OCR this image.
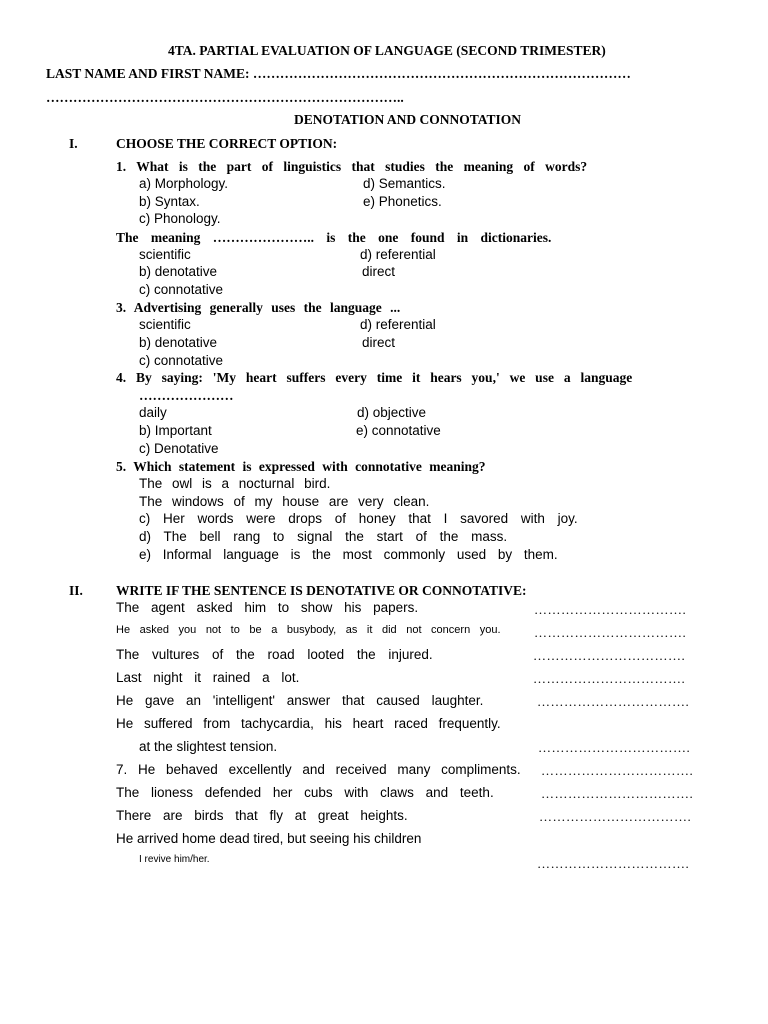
4TA. PARTIAL EVALUATION OF LANGUAGE (SECOND TRIMESTER)
LAST NAME AND FIRST NAME: …………………………………………………………………………
……………………………………………………………………..
DENOTATION AND CONNOTATION
I.	CHOOSE THE CORRECT OPTION:
1. What is the part of linguistics that studies the meaning of words?
a) Morphology.	d) Semantics.
b) Syntax.	e) Phonetics.
c) Phonology.
The meaning ………………….. is the one found in dictionaries.
scientific	d) referential
b) denotative	direct
c) connotative
3. Advertising generally uses the language ...
scientific	d) referential
b) denotative	direct
c) connotative
4. By saying: 'My heart suffers every time it hears you,' we use a language
…………………
daily	d) objective
b) Important	e) connotative
c) Denotative
5. Which statement is expressed with connotative meaning?
The owl is a nocturnal bird.
The windows of my house are very clean.
c) Her words were drops of honey that I savored with joy.
d) The bell rang to signal the start of the mass.
e) Informal language is the most commonly used by them.
II. WRITE IF THE SENTENCE IS DENOTATIVE OR CONNOTATIVE:
The agent asked him to show his papers.	…………………………….
He asked you not to be a busybody, as it did not concern you.	…………………………….
The vultures of the road looted the injured.	…………………………….
Last night it rained a lot.	…………………………….
He gave an 'intelligent' answer that caused laughter.	…………………………….
He suffered from tachycardia, his heart raced frequently.
at the slightest tension.	…………………………….
7. He behaved excellently and received many compliments. …………………………….
The lioness defended her cubs with claws and teeth.	…………………………….
There are birds that fly at great heights.	…………………………….
He arrived home dead tired, but seeing his children
I revive him/her.	…………………………….
